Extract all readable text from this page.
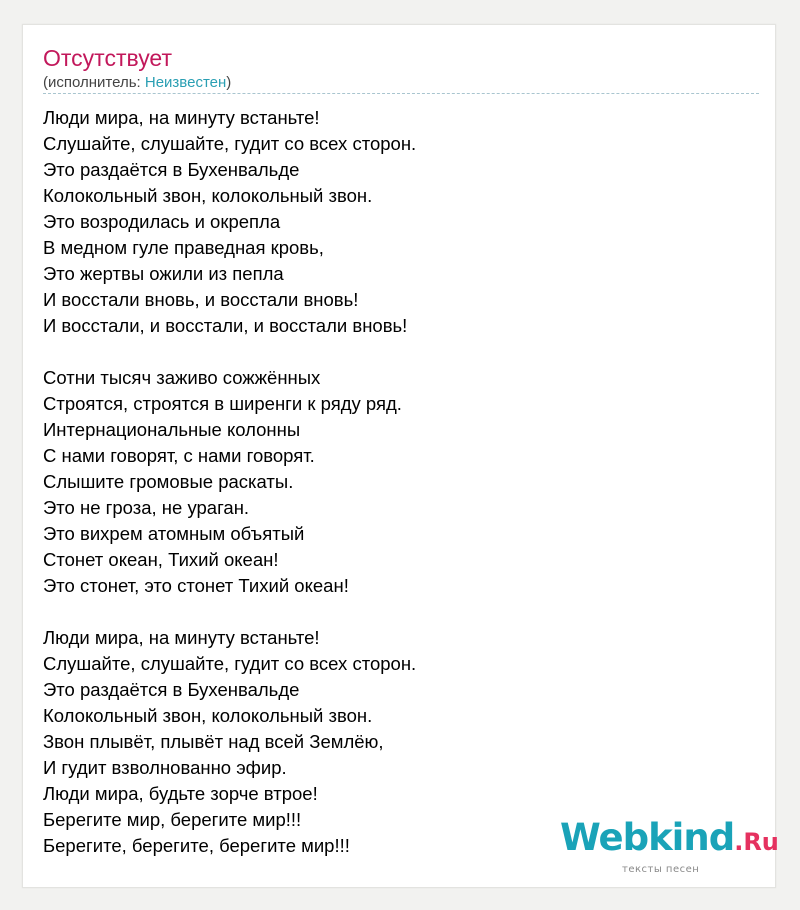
Отсутствует
(исполнитель: Неизвестен)
Люди мира, на минуту встаньте!
Слушайте, слушайте, гудит со всех сторон.
Это раздаётся в Бухенвальде
Колокольный звон, колокольный звон.
Это возродилась и окрепла
В медном гуле праведная кровь,
Это жертвы ожили из пепла
И восстали вновь, и восстали вновь!
И восстали, и восстали, и восстали вновь!
Сотни тысяч заживо сожжённых
Строятся, строятся в ширенги к ряду ряд.
Интернациональные колонны
С нами говорят, с нами говорят.
Слышите громовые раскаты.
Это не гроза, не ураган.
Это вихрем атомным объятый
Стонет океан, Тихий океан!
Это стонет, это стонет Тихий океан!
Люди мира, на минуту встаньте!
Слушайте, слушайте, гудит со всех сторон.
Это раздаётся в Бухенвальде
Колокольный звон, колокольный звон.
Звон плывёт, плывёт над всей Землёю,
И гудит взволнованно эфир.
Люди мира, будьте зорче втрое!
Берегите мир, берегите мир!!!
Берегите, берегите, берегите мир!!!	Webkind.Ru
тексты песен
